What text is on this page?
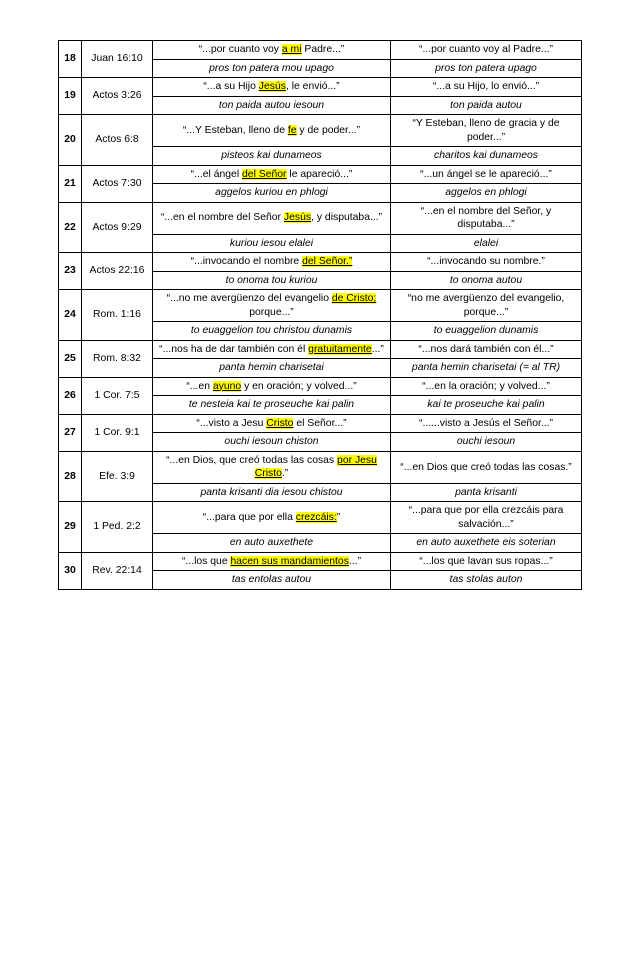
18	Juan 16:10	“...por cuanto voy a mi Padre...”	“...por cuanto voy al Padre...”
		pros ton patera mou upago	pros ton patera upago
19	Actos 3:26	“...a su Hijo Jesús, le envió...”	“...a su Hijo, lo envió...”
		ton paida autou iesoun	ton paida autou
20	Actos 6:8	“...Y Esteban, lleno de fe y de poder...”	“Y Esteban, lleno de gracia y de poder...”
		pisteos kai dunameos	charitos kai dunameos
21	Actos 7:30	“...el ángel del Señor le apareció...”	“...un ángel se le apareció...”
		aggelos kuriou en phlogi	aggelos en phlogi
22	Actos 9:29	“...en el nombre del Señor Jesús, y disputaba...”	“...en el nombre del Señor, y disputaba...”
		kuriou iesou elalei	elalei
23	Actos 22:16	“...invocando el nombre del Señor.”	“...invocando su nombre.”
		to onoma tou kuriou	to onoma autou
24	Rom. 1:16	“...no me avergüenzo del evangelio de Cristo; porque...”	“no me avergüenzo del evangelio, porque...”
		to euaggelion tou christou dunamis	to euaggelion dunamis
25	Rom. 8:32	“...nos ha de dar también con él gratuitamente...”	“...nos dará también con él...”
		panta hemin charisetai	panta hemin charisetai (= al TR)
26	1 Cor. 7:5	“...en ayuno y en oración; y volved...”	“...en la oración; y volved...”
		te nesteia kai te proseuche kai palin	kai te proseuche kai palin
27	1 Cor. 9:1	“...visto a Jesu Cristo el Señor...”	“......visto a Jesús el Señor...”
		ouchi iesoun chiston	ouchi iesoun
28	Efe. 3:9	“...en Dios, que creó todas las cosas por Jesu Cristo.”	“...en Dios que creó todas las cosas.”
		panta krisanti dia iesou chistou	panta krisanti
29	1 Ped. 2:2	“...para que por ella crezcáis:”	“...para que por ella crezcáis para salvación...”
		en auto auxethete	en auto auxethete eis soterian
30	Rev. 22:14	“...los que hacen sus mandamientos...”	“...los que lavan sus ropas...”
		tas entolas autou	tas stolas auton
